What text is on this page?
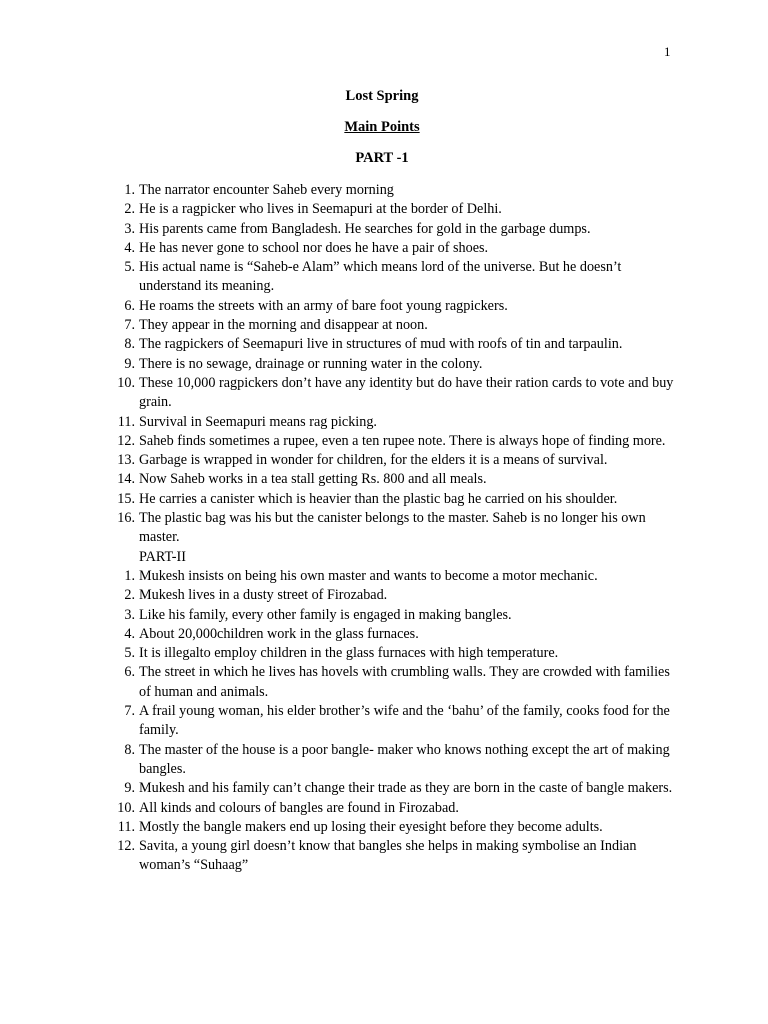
1
Lost Spring
Main Points
PART -1
1. The narrator encounter Saheb every morning
2. He is a ragpicker who lives in Seemapuri at the border of Delhi.
3. His parents came from Bangladesh. He searches for gold in the garbage dumps.
4. He has never gone to school nor does he have a pair of shoes.
5. His actual name is “Saheb-e Alam” which means lord of the universe. But he doesn’t understand its meaning.
6. He roams the streets with an army of bare foot young ragpickers.
7. They appear in the morning and disappear at noon.
8. The ragpickers of Seemapuri live in structures of mud with roofs of tin and tarpaulin.
9. There is no sewage, drainage or running water in the colony.
10. These 10,000 ragpickers don’t have any identity but do have their ration cards to vote and buy grain.
11. Survival in Seemapuri means rag picking.
12. Saheb finds sometimes a rupee, even a ten rupee note. There is always hope of finding more.
13. Garbage is wrapped in wonder for children, for the elders it is a means of survival.
14. Now Saheb works in a tea stall getting Rs. 800 and all meals.
15. He carries a canister which is heavier than the plastic bag he carried on his shoulder.
16. The plastic bag was his but the canister belongs to the master. Saheb is no longer his own master.
PART-II
1. Mukesh insists on being his own master and wants to become a motor mechanic.
2. Mukesh lives in a dusty street of Firozabad.
3. Like his family, every other family is engaged in making bangles.
4. About 20,000children work in the glass furnaces.
5. It is illegalto employ children in the glass furnaces with high temperature.
6. The street in which he lives has hovels with crumbling walls. They are crowded with families of human and animals.
7. A frail young woman, his elder brother’s wife and the ‘bahu’ of the family, cooks food for the family.
8. The master of the house is a poor bangle- maker who knows nothing except the art of making bangles.
9. Mukesh and his family can’t change their trade as they are born in the caste of bangle makers.
10. All kinds and colours of bangles are found in Firozabad.
11. Mostly the bangle makers end up losing their eyesight before they become adults.
12. Savita, a young girl doesn’t know that bangles she helps in making symbolise an Indian woman’s “Suhaag”
